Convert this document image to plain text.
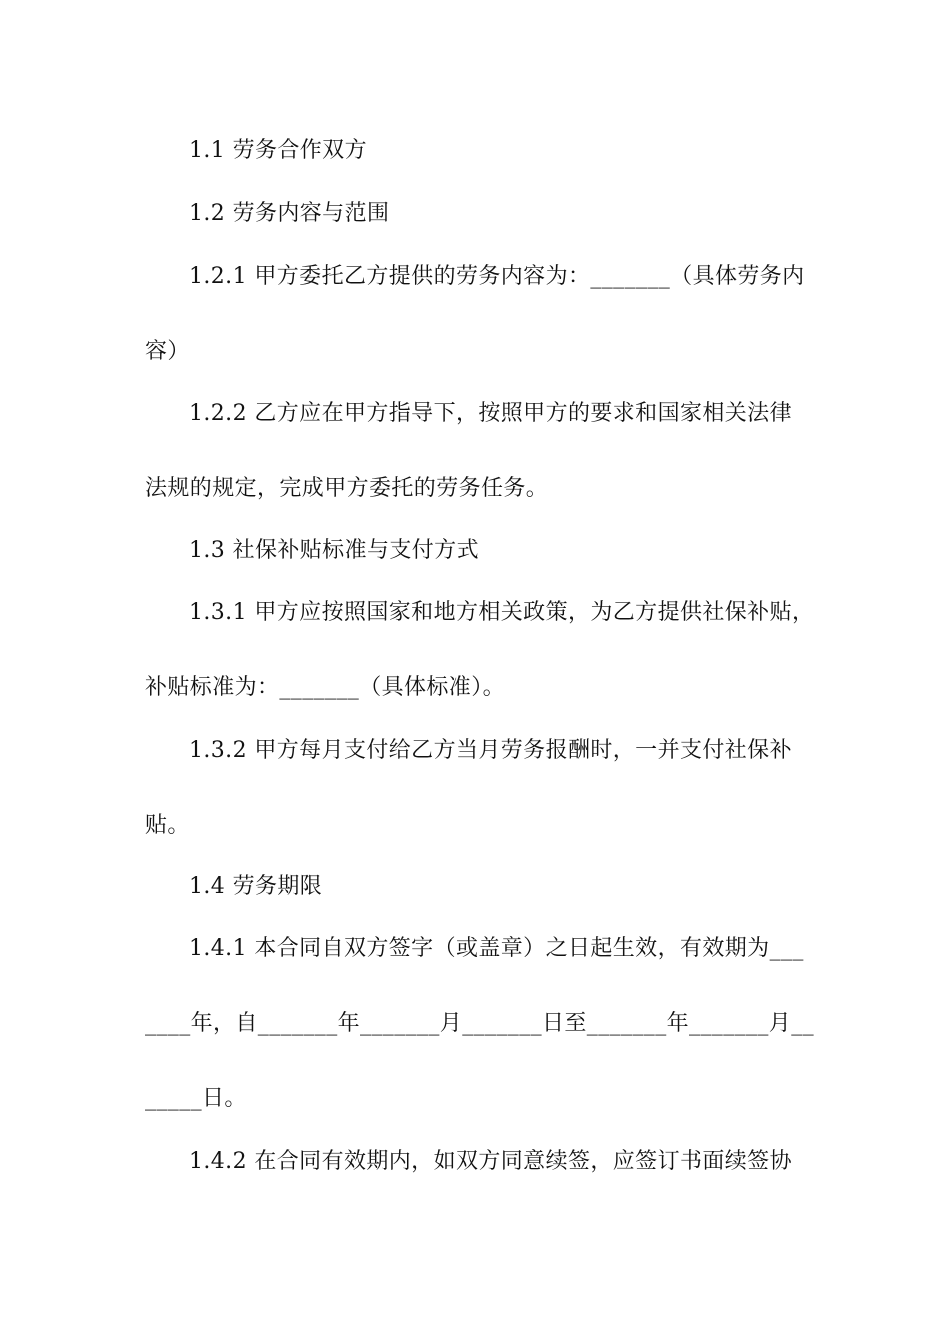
1.1 劳务合作双方
1.2 劳务内容与范围
1.2.1 甲方委托乙方提供的劳务内容为：_______（具体劳务内
容）
1.2.2 乙方应在甲方指导下，按照甲方的要求和国家相关法律
法规的规定，完成甲方委托的劳务任务。
1.3 社保补贴标准与支付方式
1.3.1 甲方应按照国家和地方相关政策，为乙方提供社保补贴，
补贴标准为：_______（具体标准）。
1.3.2 甲方每月支付给乙方当月劳务报酬时，一并支付社保补
贴。
1.4 劳务期限
1.4.1 本合同自双方签字（或盖章）之日起生效，有效期为___
____年，自_______年_______月_______日至_______年_______月__
_____日。
1.4.2 在合同有效期内，如双方同意续签，应签订书面续签协
